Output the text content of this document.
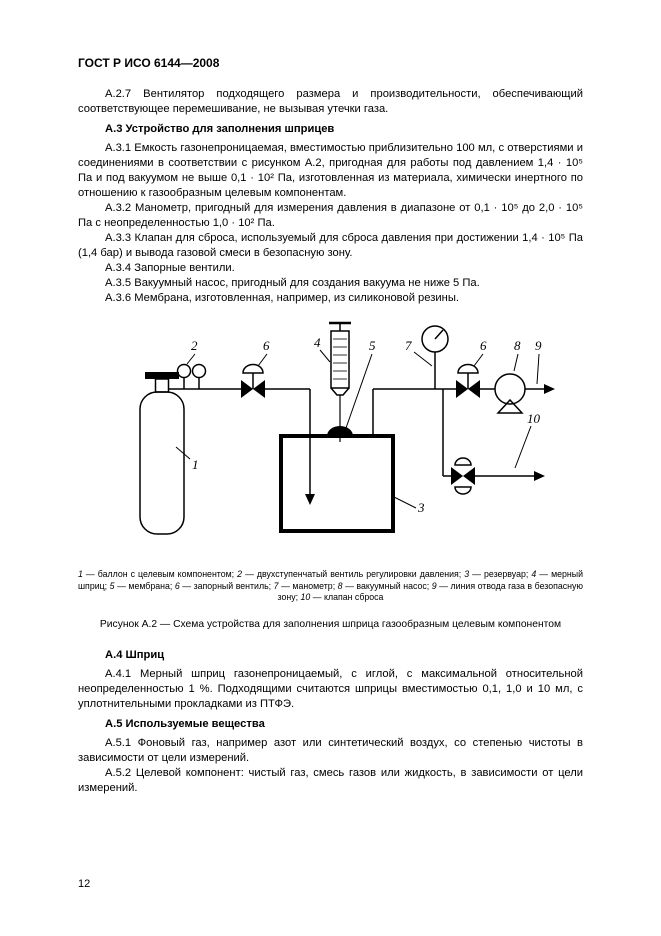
ГОСТ Р ИСО 6144—2008

А.2.7 Вентилятор подходящего размера и производительности, обеспечивающий соответствующее перемешивание, не вызывая утечки газа.

А.3 Устройство для заполнения шприцев

А.3.1 Емкость газонепроницаемая, вместимостью приблизительно 100 мл, с отверстиями и соединениями в соответствии с рисунком А.2, пригодная для работы под давлением 1,4 · 10⁵ Па и под вакуумом не выше 0,1 · 10² Па, изготовленная из материала, химически инертного по отношению к газообразным целевым компонентам.

А.3.2 Манометр, пригодный для измерения давления в диапазоне от 0,1 · 10⁵ до 2,0 · 10⁵ Па с неопределенностью 1,0 · 10² Па.

А.3.3 Клапан для сброса, используемый для сброса давления при достижении 1,4 · 10⁵ Па (1,4 бар) и вывода газовой смеси в безопасную зону.

А.3.4 Запорные вентили.

А.3.5 Вакуумный насос, пригодный для создания вакуума не ниже 5 Па.

А.3.6 Мембрана, изготовленная, например, из силиконовой резины.

1
2	6	4	5 7	6 8 9
3
10
1 — баллон с целевым компонентом; 2 — двухступенчатый вентиль регулировки давления; 3 — резервуар; 4 — мерный шприц; 5 — мембрана; 6 — запорный вентиль; 7 — манометр; 8 — вакуумный насос; 9 — линия отвода газа в безопасную зону; 10 — клапан сброса
Рисунок А.2 — Схема устройства для заполнения шприца газообразным целевым компонентом

А.4 Шприц

А.4.1 Мерный шприц газонепроницаемый, с иглой, с максимальной относительной неопределенностью 1 %. Подходящими считаются шприцы вместимостью 0,1, 1,0 и 10 мл, с уплотнительными прокладками из ПТФЭ.

А.5 Используемые вещества

А.5.1 Фоновый газ, например азот или синтетический воздух, со степенью чистоты в зависимости от цели измерений.

А.5.2 Целевой компонент: чистый газ, смесь газов или жидкость, в зависимости от цели измерений.

12
